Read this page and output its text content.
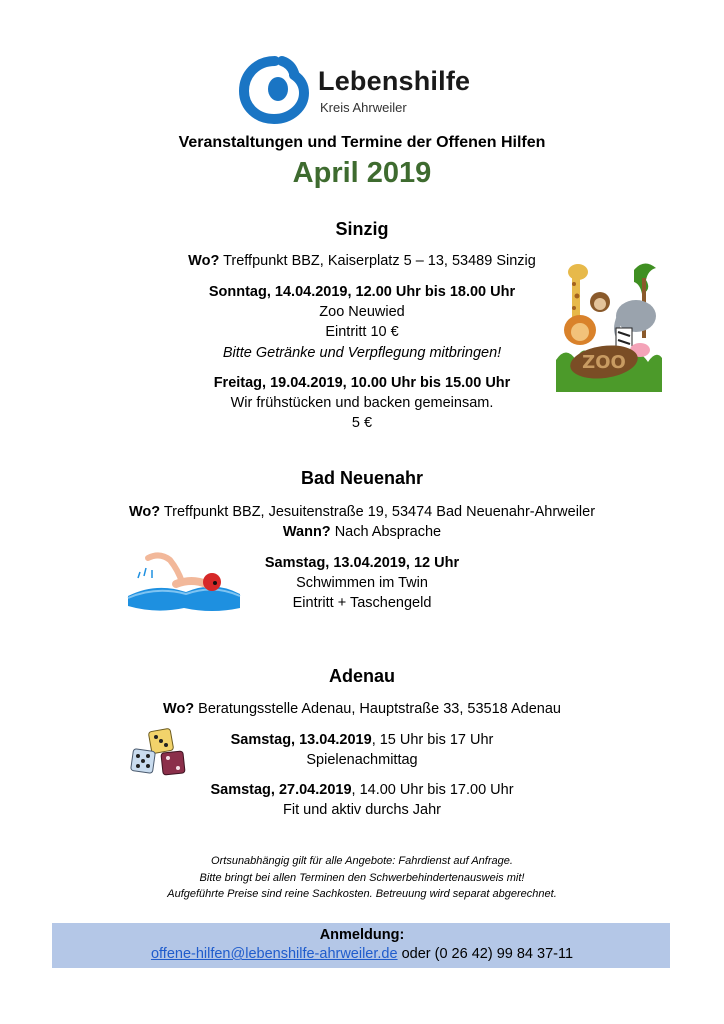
Lebenshilfe
Kreis Ahrweiler
Veranstaltungen und Termine der Offenen Hilfen
April 2019
Sinzig
Wo? Treffpunkt BBZ, Kaiserplatz 5 – 13, 53489 Sinzig
Sonntag, 14.04.2019, 12.00 Uhr bis 18.00 Uhr
Zoo Neuwied
Eintritt 10 €
Bitte Getränke und Verpflegung mitbringen!
Freitag, 19.04.2019, 10.00 Uhr bis 15.00 Uhr
Wir frühstücken und backen gemeinsam.
5 €
ZOO
Bad Neuenahr
Wo? Treffpunkt BBZ, Jesuitenstraße 19, 53474 Bad Neuenahr-Ahrweiler
Wann? Nach Absprache
Samstag, 13.04.2019, 12 Uhr
Schwimmen im Twin
Eintritt + Taschengeld
Adenau
Wo? Beratungsstelle Adenau, Hauptstraße 33, 53518 Adenau
Samstag, 13.04.2019, 15 Uhr bis 17 Uhr
Spielenachmittag
Samstag, 27.04.2019, 14.00 Uhr bis 17.00 Uhr
Fit und aktiv durchs Jahr
Ortsunabhängig gilt für alle Angebote: Fahrdienst auf Anfrage.
Bitte bringt bei allen Terminen den Schwerbehindertenausweis mit!
Aufgeführte Preise sind reine Sachkosten. Betreuung wird separat abgerechnet.
Anmeldung:
offene-hilfen@lebenshilfe-ahrweiler.de oder (0 26 42) 99 84 37-11
